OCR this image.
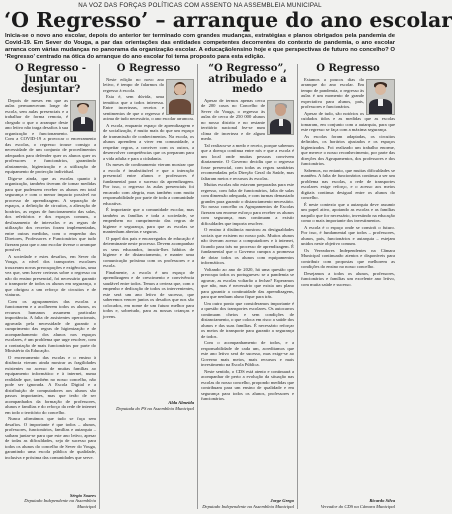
NA VOZ DAS FORÇAS POLÍTICAS COM ASSENTO NA ASSEMBLEIA MUNICIPAL
‘O Regresso’ – arranque do ano escolar
Inicia-se o novo ano escolar, depois do anterior ter terminado com grandes mudanças, estratégias e planos obrigados pela pandemia de Covid-19. Em Sever do Vouga, a par das orientações das entidades competentes decorrentes do contexto de pandemia, o ano escolar arranca com várias mudanças no panorama da organização escolar. A educação/ensino hoje e que perspectivas de futuro no concelho? O ‘Regresso’ centrado na ótica do arranque do ano escolar foi tema proposto para esta edição.
O Regresso - Juntar ou desjuntar?

Depois de meses em que as aulas permaneceram longe de escola, sem aulas presenciais e a trabalhar de forma remota, é chegado o que o arranque deste ano letivo não traga desafios à sua organização e funcionamento. Com a COVID-19 a provocar o encerramento das escolas, o regresso trouxe consigo a necessidade de um conjunto de procedimentos adequados para defender quer os alunos quer os professores e funcionários, garantindo afastamento, higienização e a utilização de equipamento de protecção individual.

Diga-se ainda, que as escolas quanto à organização, também tiveram de tomar medidas para que pudessem receber os alunos em total segurança e com o menor impacto possível no processo de aprendizagem. A separação de espaços, a definição de circuitos, a alteração de horários, as regras de funcionamento das salas, dos refeitórios e dos espaços comuns, o desfasamento de intervalos e as regras de utilização dos recreios foram implementadas, entre outras medidas, com o empenho dos Diretores, Professores e Funcionários que tudo fizeram para que o ano escolar tivesse o arranque possível.

A sociedade e estes desafios, em Sever do Vouga, a nível dos transportes escolares trouxeram novas preocupações e exigências, uma vez que, sem haver certezas sobre o regresso ou não do ensino presencial, foi necessário garantir o transporte de todos os alunos em segurança, o que obrigou a um reforço de circuitos e de viaturas.

Com os agrupamentos das escolas a funcionarem e a acolherem todos os alunos, os recursos humanos assumem particular importância. A falta de assistentes operacionais, agravada pela necessidade de garantir o cumprimento das regras de higienização e de acompanhamento dos alunos nos espaços escolares, é um problema que urge resolver, com a contratação de mais funcionários por parte do Ministério da Educação.

O encerramento das escolas e o ensino à distância vieram ainda mostrar as fragilidades existentes no acesso de muitas famílias ao equipamento informático e à internet, numa realidade que, também no nosso concelho, não pode ser ignorada. A Escola Digital e a distribuição de computadores aos alunos são passos importantes, mas que terão de ser acompanhados da formação de professores, alunos e famílias e do reforço da rede de internet em todo o território do concelho.

Nunca afirmámos que tudo se faça sem desafios. O importante é que todos – alunos, professores, funcionários, famílias e autarquia – saibam juntar-se para que este ano letivo, apesar de todas as dificuldades, seja de sucesso para todos os alunos do concelho de Sever do Vouga, garantindo uma escola pública de qualidade, inclusiva e próxima das comunidades que serve.

Sérgio Soares
Deputado Independente na Assembleia Municipal
O Regresso

Neste edição no novo ano letivo, é tempo de falarmos do regresso à escola.

Esta é, sem dúvida, uma temática que a todos interessa. Entre incertezas, receios e sentimentos de que o regresso é acima de tudo necessário, o ano escolar arrancou.

A escola, enquanto espaço de aprendizagem e de socialização, é muito mais do que um espaço de transmissão de conhecimentos. Na escola, os alunos aprendem a viver em comunidade, a respeitar regras, a conviver com os outros, a desenvolver competências que os preparam para a vida adulta e para a cidadania.

Os meses de confinamento vieram mostrar que a escola é insubstituível e que a interação presencial entre alunos e professores é fundamental para o sucesso da aprendizagem. Por isso, o regresso às aulas presenciais foi encarado com alegria, mas também com muita responsabilidade por parte de toda a comunidade educativa.

É importante que a comunidade escolar, mas também as famílias e toda a sociedade, se empenhem no cumprimento das regras de higiene e segurança, para que as escolas se mantenham abertas e seguras.

O papel dos pais e encarregados de educação é determinante neste processo. Devem acompanhar os seus educandos, incutir-lhes hábitos de higiene e de distanciamento, e manter uma comunicação próxima com os professores e a escola.

Finalmente, a escola é um espaço de aprendizagem e de crescimento e convivência saudável entre todos. Temos a certeza que, com o empenho e dedicação de todos os intervenientes, este será um ano letivo de sucesso, que saberemos vencer juntos os desafios que nos são colocados, em nome de um futuro melhor para todos e, sobretudo, para as nossas crianças e jovens.

Alda Almeida
Deputada do PS na Assembleia Municipal
“O Regresso”, atribulado e a medo

Apesar de termos apenas cerca de 200 casos no Concelho de Sever do Vouga, o regresso às aulas de cerca de 250 000 alunos no nosso distrito e no restante território nacional fez-se num clima de incerteza e de algum medo.

Tal realizou-se a medo e receio, porque sabemos que a doença continua entre nós e que a escola é um local onde muitas pessoas convivem diariamente. O Governo decidiu que o regresso fosse presencial, com todas as regras sanitárias recomendadas pela Direção Geral da Saúde, mas faltaram meios e recursos às escolas.

Muitas escolas não estavam preparadas para este regresso, com falta de funcionários, falta de salas com dimensão adequada, e com turmas demasiado grandes para garantir o distanciamento necessário. No nosso concelho os Agrupamentos de Escolas fizeram um enorme esforço para receber os alunos com segurança, mas continuam a existir dificuldades que importa resolver.

O ensino à distância mostrou as desigualdades sociais que existem no nosso país. Muitos alunos não tiveram acesso a computadores e à internet, ficando para trás no processo de aprendizagem. É fundamental que o Governo cumpra a promessa de dotar todos os alunos com equipamentos informáticos.

Voltando ao ano de 2020, há uma questão que preocupa todos os portugueses: se a pandemia se agravar, as escolas voltarão a fechar? Esperamos que não, mas é necessário que exista um plano para garantir a continuidade das aprendizagens, para que nenhum aluno fique para trás.

Um outro ponto que consideramos importante é a questão dos transportes escolares. Os autocarros continuam cheios e sem condições de distanciamento, o que coloca em risco a saúde dos alunos e das suas famílias. É necessário reforçar os meios de transporte para garantir a segurança de todos.

Com o acompanhamento de todos, e a responsabilidade de cada um, acreditamos que este ano letivo será de sucesso, mas exige-se ao Governo mais meios, mais recursos e mais investimento na Escola Pública.

Neste sentido, o CDS está atento e continuará a acompanhar de perto a evolução da situação nas escolas do nosso concelho, propondo medidas que contribuam para um ensino de qualidade e em segurança para todos os alunos, professores e funcionários.

Jorge Grego
Deputado Independente na Assembleia Municipal
O Regresso

Estamos a poucos dias do arranque do ano escolar. Em tempo de pandemia, o regresso às aulas é um momento de grande expectativa para alunos, pais, professores e funcionários.

Apesar de tudo, são notórios os cuidados tidos e as medidas que as escolas tomaram, em conjunto com a autarquia, para que este regresso se faça com a máxima segurança.

As escolas foram adaptadas, os circuitos definidos, os horários ajustados e os espaços higienizados. Foi realizado um trabalho enorme, que merece o nosso reconhecimento, por parte das direções dos Agrupamentos, dos professores e dos funcionários.

Sabemos, no entanto, que muitas dificuldades se mantêm. A falta de funcionários continua a ser um problema nas escolas, a rede de transportes escolares exige reforço, e o acesso aos meios digitais continua desigual entre os alunos do concelho.

É neste contexto que a autarquia deve assumir um papel ativo, apoiando as escolas e as famílias naquilo que for necessário, investindo na educação como o mais importante dos investimentos.

A escola é o espaço onde se constrói o futuro. Por isso, é fundamental que todos – professores, alunos, pais, funcionários e autarquia – estejam unidos neste objetivo comum.

Os Vereadores Independentes na Câmara Municipal continuarão atentos e disponíveis para contribuir com propostas que melhorem as condições do ensino no nosso concelho.

Desejamos a todos os alunos, professores, funcionários e famílias um excelente ano letivo, com muita saúde e sucesso.

Ricardo Silva
Vereador do CDS na Câmara Municipal
